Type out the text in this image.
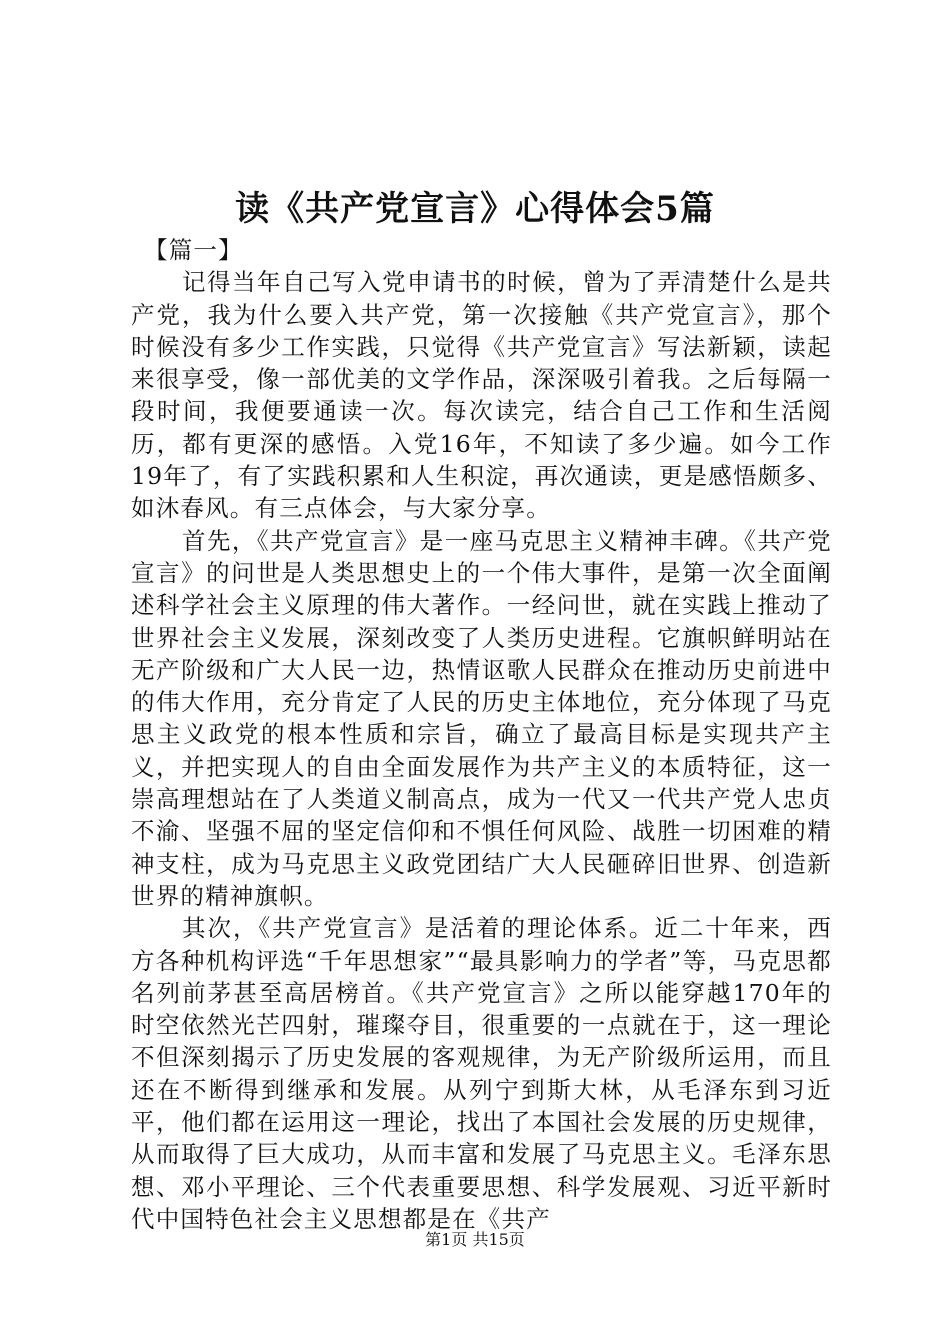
读《共产党宣言》心得体会5篇

【篇一】

记得当年自己写入党申请书的时候，曾为了弄清楚什么是共产党，我为什么要入共产党，第一次接触《共产党宣言》，那个时候没有多少工作实践，只觉得《共产党宣言》写法新颖，读起来很享受，像一部优美的文学作品，深深吸引着我。之后每隔一段时间，我便要通读一次。每次读完，结合自己工作和生活阅历，都有更深的感悟。入党16年，不知读了多少遍。如今工作19年了，有了实践积累和人生积淀，再次通读，更是感悟颇多、如沐春风。有三点体会，与大家分享。

首先，《共产党宣言》是一座马克思主义精神丰碑。《共产党宣言》的问世是人类思想史上的一个伟大事件，是第一次全面阐述科学社会主义原理的伟大著作。一经问世，就在实践上推动了世界社会主义发展，深刻改变了人类历史进程。它旗帜鲜明站在无产阶级和广大人民一边，热情讴歌人民群众在推动历史前进中的伟大作用，充分肯定了人民的历史主体地位，充分体现了马克思主义政党的根本性质和宗旨，确立了最高目标是实现共产主义，并把实现人的自由全面发展作为共产主义的本质特征，这一崇高理想站在了人类道义制高点，成为一代又一代共产党人忠贞不渝、坚强不屈的坚定信仰和不惧任何风险、战胜一切困难的精神支柱，成为马克思主义政党团结广大人民砸碎旧世界、创造新世界的精神旗帜。

其次，《共产党宣言》是活着的理论体系。近二十年来，西方各种机构评选“千年思想家”“最具影响力的学者”等，马克思都名列前茅甚至高居榜首。《共产党宣言》之所以能穿越170年的时空依然光芒四射，璀璨夺目，很重要的一点就在于，这一理论不但深刻揭示了历史发展的客观规律，为无产阶级所运用，而且还在不断得到继承和发展。从列宁到斯大林，从毛泽东到习近平，他们都在运用这一理论，找出了本国社会发展的历史规律，从而取得了巨大成功，从而丰富和发展了马克思主义。毛泽东思想、邓小平理论、三个代表重要思想、科学发展观、习近平新时代中国特色社会主义思想都是在《共产

第1页 共15页
